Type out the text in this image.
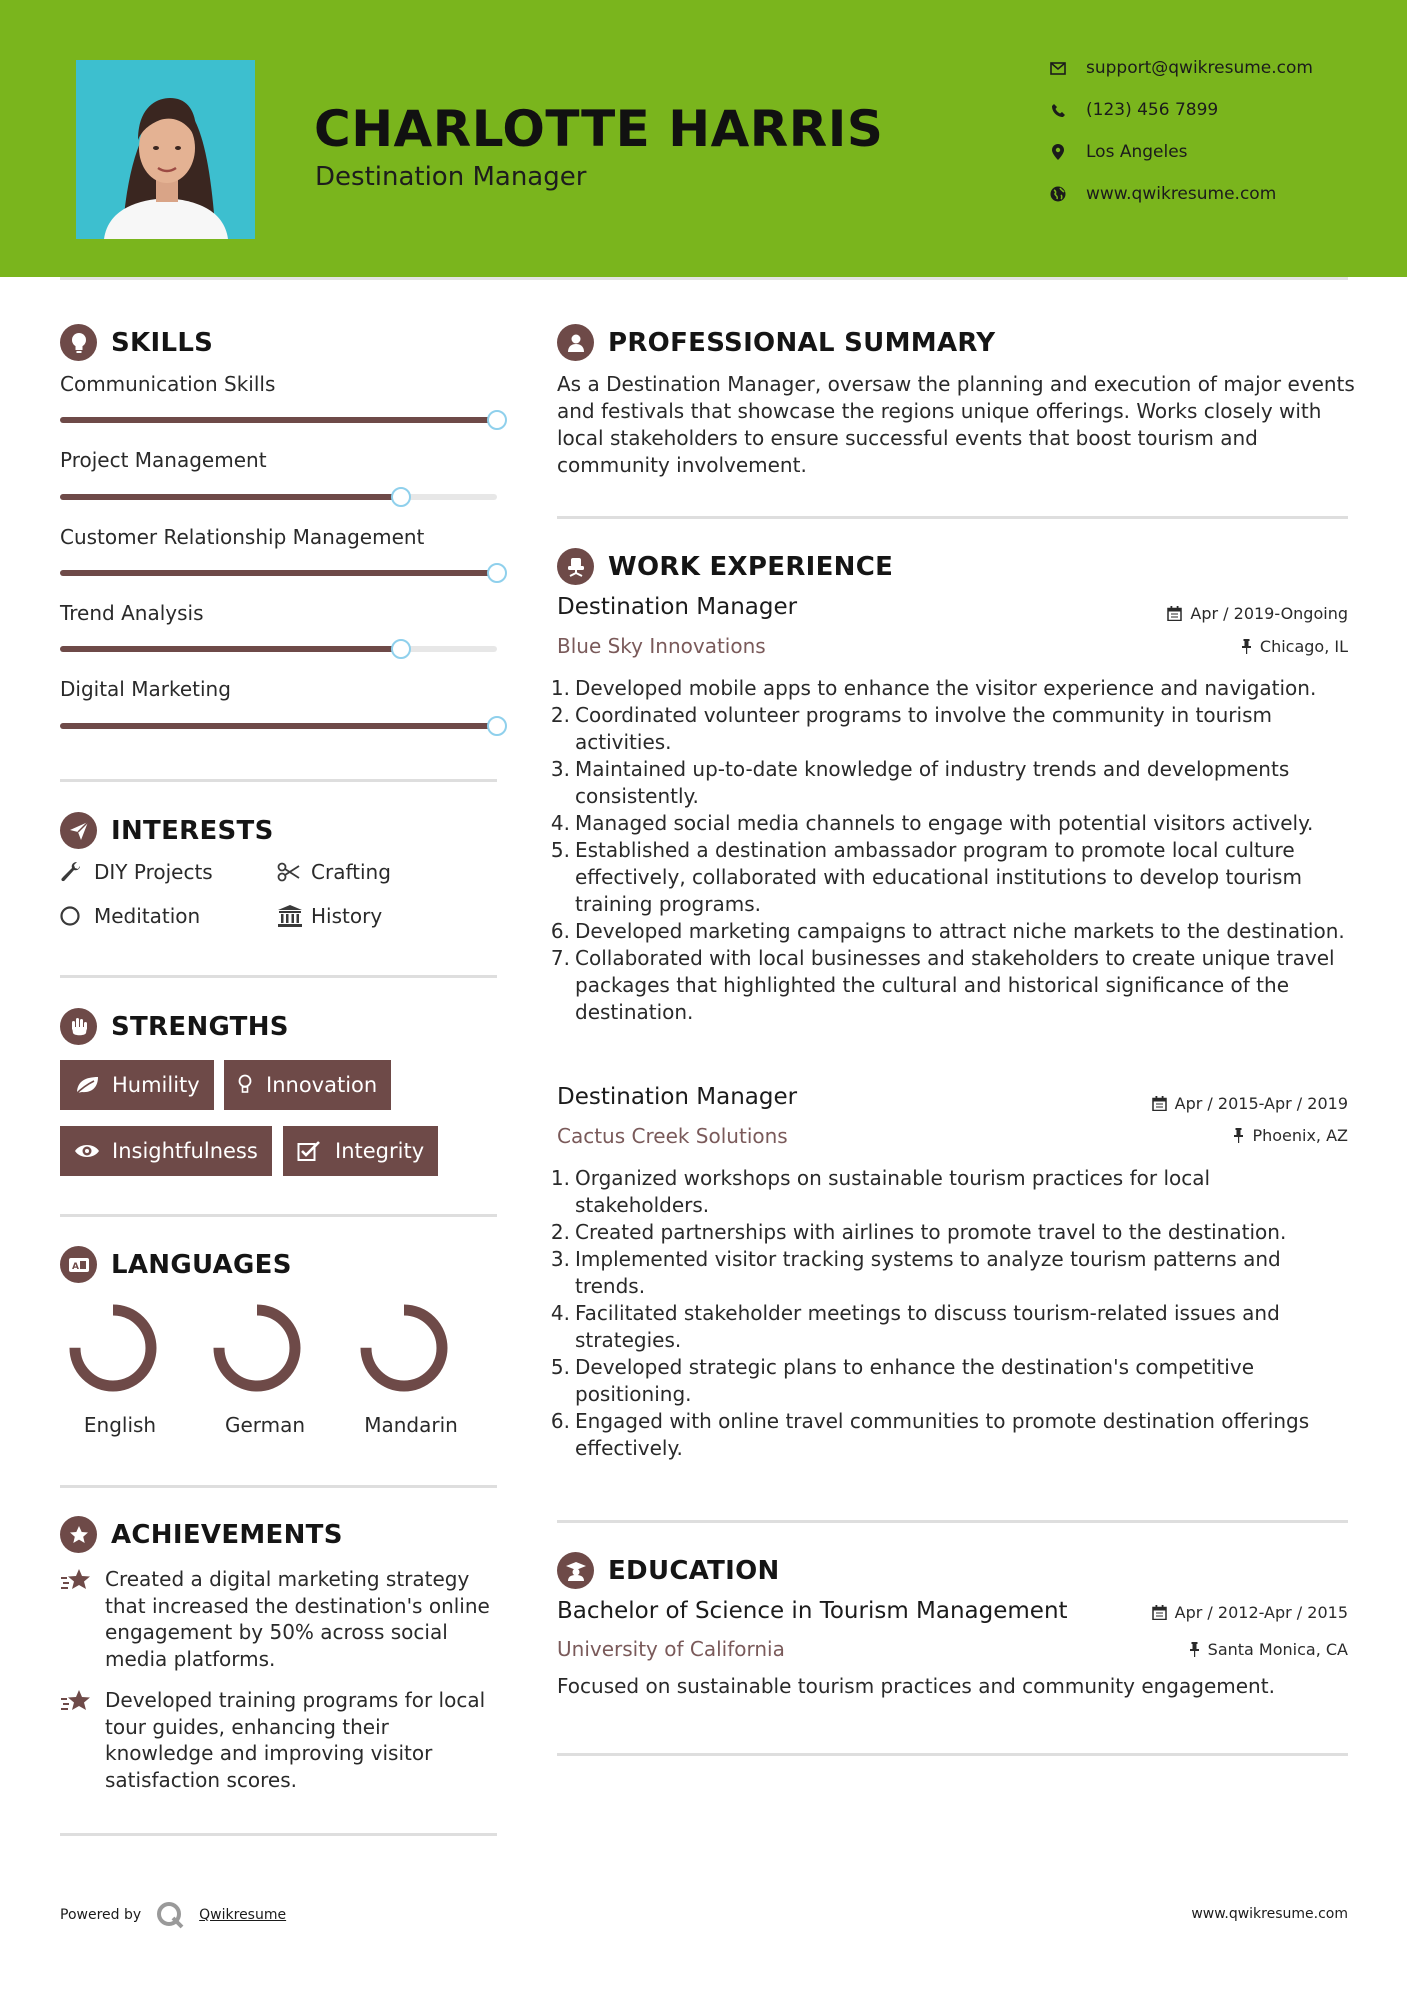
CHARLOTTE HARRIS
Destination Manager
support@qwikresume.com
(123) 456 7899
Los Angeles
www.qwikresume.com
SKILLS
Communication Skills
Project Management
Customer Relationship Management
Trend Analysis
Digital Marketing
INTERESTS
DIY Projects	Crafting
Meditation	History
STRENGTHS
Humility	Innovation
Insightfulness	Integrity
A LANGUAGES
English	German	Mandarin
ACHIEVEMENTS
Created a digital marketing strategy that increased the destination's online engagement by 50% across social media platforms.
Developed training programs for local tour guides, enhancing their knowledge and improving visitor satisfaction scores.
PROFESSIONAL SUMMARY
As a Destination Manager, oversaw the planning and execution of major events and festivals that showcase the regions unique offerings. Works closely with local stakeholders to ensure successful events that boost tourism and community involvement.
WORK EXPERIENCE
Destination Manager	Apr / 2019-Ongoing
Blue Sky Innovations	Chicago, IL
1. Developed mobile apps to enhance the visitor experience and navigation.
2. Coordinated volunteer programs to involve the community in tourism activities.
3. Maintained up-to-date knowledge of industry trends and developments consistently.
4. Managed social media channels to engage with potential visitors actively.
5. Established a destination ambassador program to promote local culture effectively, collaborated with educational institutions to develop tourism training programs.
6. Developed marketing campaigns to attract niche markets to the destination.
7. Collaborated with local businesses and stakeholders to create unique travel packages that highlighted the cultural and historical significance of the destination.
Destination Manager	Apr / 2015-Apr / 2019
Cactus Creek Solutions	Phoenix, AZ
1. Organized workshops on sustainable tourism practices for local stakeholders.
2. Created partnerships with airlines to promote travel to the destination.
3. Implemented visitor tracking systems to analyze tourism patterns and trends.
4. Facilitated stakeholder meetings to discuss tourism-related issues and strategies.
5. Developed strategic plans to enhance the destination's competitive positioning.
6. Engaged with online travel communities to promote destination offerings effectively.
EDUCATION
Bachelor of Science in Tourism Management	Apr / 2012-Apr / 2015
University of California	Santa Monica, CA
Focused on sustainable tourism practices and community engagement.
Powered by	Qwikresume	www.qwikresume.com
